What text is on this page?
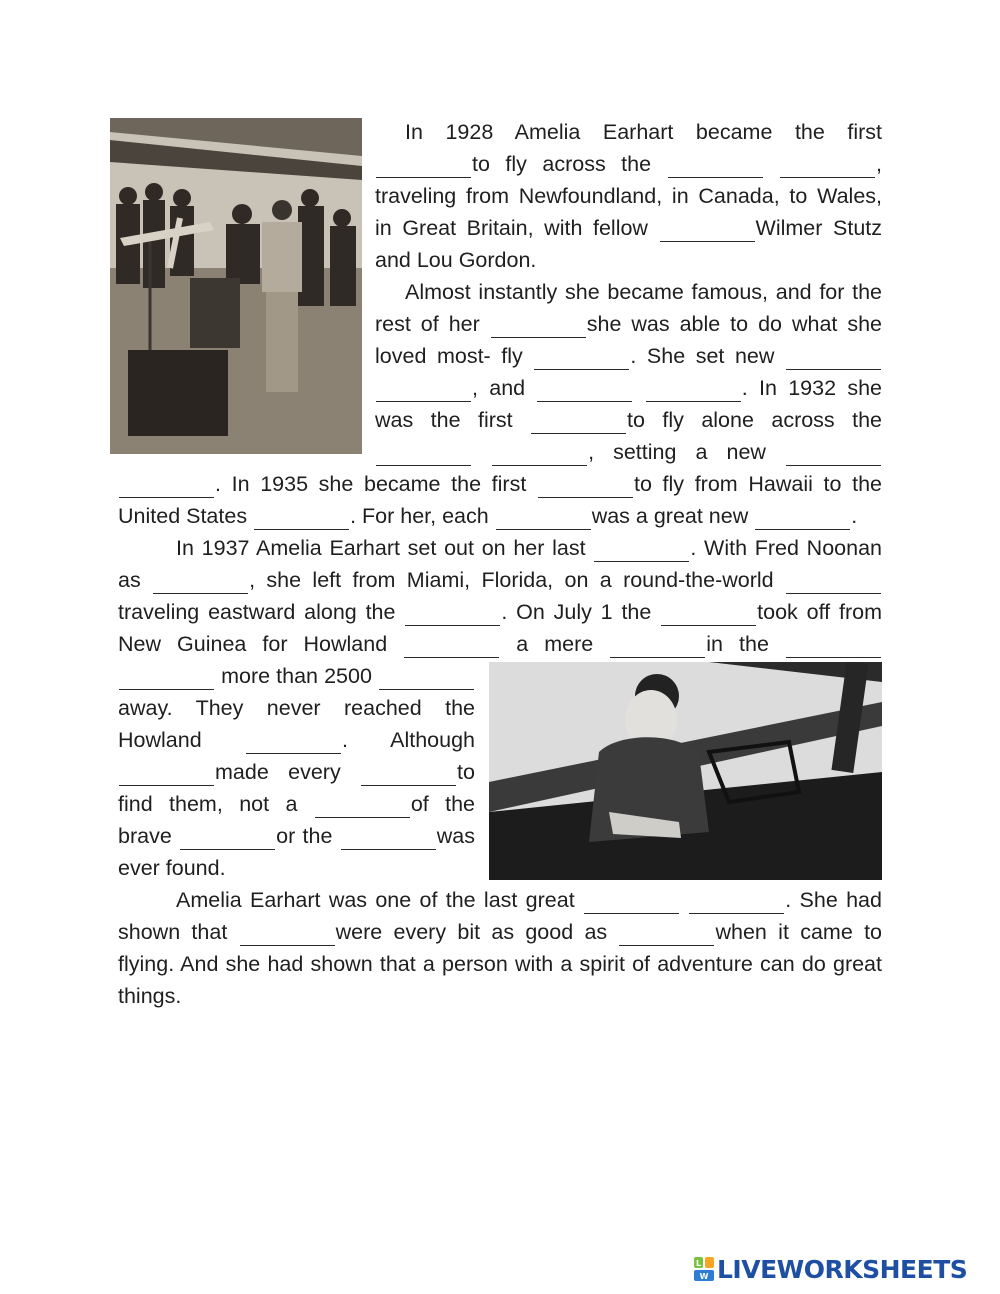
In 1928 Amelia Earhart became the first to fly across the	, traveling from Newfoundland, in Canada, to Wales, in Great Britain, with fellow	Wilmer Stutz and Lou Gordon.

Almost instantly she became famous, and for the rest of her	she was able to do what she loved most- fly	. She set new  , and	. In 1932 she was the first	to fly alone across the  , setting a new  . In 1935 she became the first	to fly from Hawaii to the United States	. For her, each	was a great new	.

In 1937 Amelia Earhart set out on her last	. With Fred Noonan as	, she left from Miami, Florida, on a round-the-world traveling eastward along the	. On July 1 the	took off from New Guinea for Howland	a mere	in the   more than 2500 away. They never reached the Howland	. Although made every	to find them, not a	of the brave	or the	was ever found.

Amelia Earhart was one of the last great	. She had shown that	were every bit as good as	when it came to flying. And she had shown that a person with a spirit of adventure can do great things.

L
W LIVEWORKSHEETS
